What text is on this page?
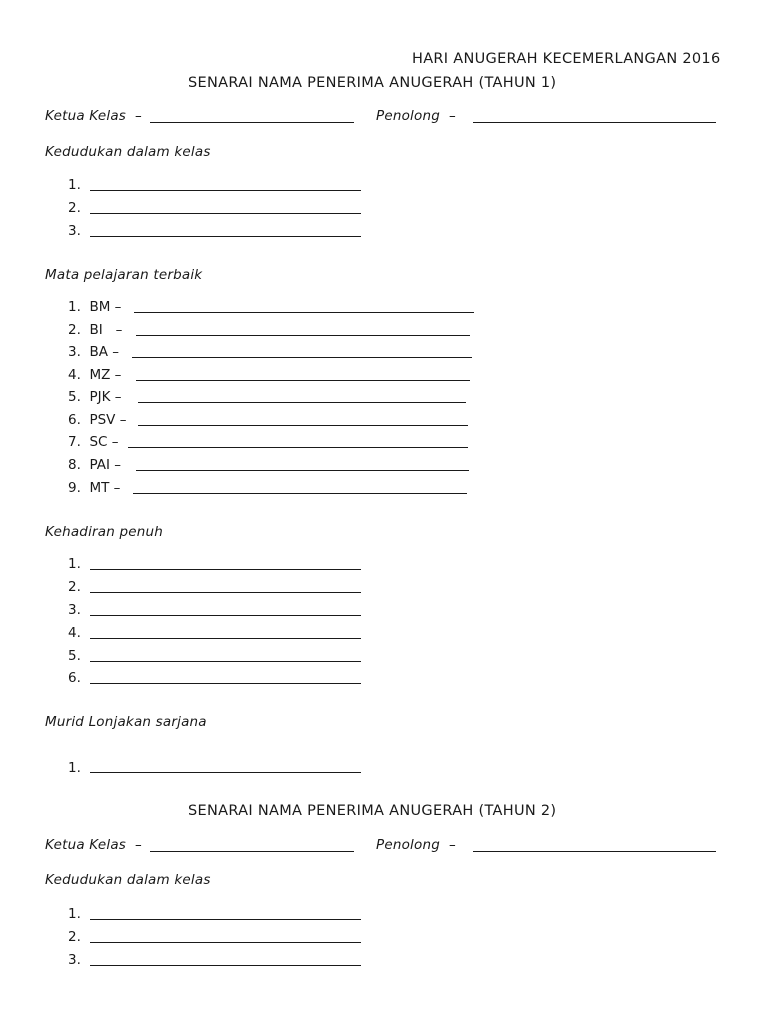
HARI ANUGERAH KECEMERLANGAN 2016
SENARAI NAMA PENERIMA ANUGERAH (TAHUN 1)
Ketua Kelas  –	Penolong  –
Kedudukan dalam kelas
1.
2.
3.
Mata pelajaran terbaik
1.  BM –
2.  BI   –
3.  BA –
4.  MZ –
5.  PJK –
6.  PSV –
7.  SC –
8.  PAI –
9.  MT –
Kehadiran penuh
1.
2.
3.
4.
5.
6.
Murid Lonjakan sarjana
1.
SENARAI NAMA PENERIMA ANUGERAH (TAHUN 2)
Ketua Kelas  –	Penolong  –
Kedudukan dalam kelas
1.
2.
3.
